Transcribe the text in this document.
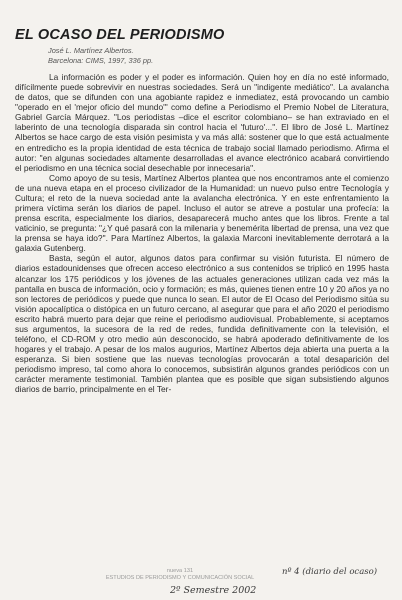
EL OCASO DEL PERIODISMO
José L. Martínez Albertos.
Barcelona: CIMS, 1997, 336 pp.

La información es poder y el poder es información. Quien hoy en día no esté informado, difícilmente puede sobrevivir en nuestras sociedades. Será un "indigente mediático". La avalancha de datos, que se difunden con una agobiante rapidez e inmediatez, está provocando un cambio "operado en el 'mejor oficio del mundo'" como define a Periodismo el Premio Nobel de Literatura, Gabriel García Márquez. "Los periodistas –dice el escritor colombiano– se han extraviado en el laberinto de una tecnología disparada sin control hacia el 'futuro'...". El libro de José L. Martínez Albertos se hace cargo de esta visión pesimista y va más allá: sostener que lo que está actualmente en entredicho es la propia identidad de esta técnica de trabajo social llamado periodismo. Afirma el autor: "en algunas sociedades altamente desarrolladas el avance electrónico acabará convirtiendo el periodismo en una técnica social desechable por innecesaria".

Como apoyo de su tesis, Martínez Albertos plantea que nos encontramos ante el comienzo de una nueva etapa en el proceso civilizador de la Humanidad: un nuevo pulso entre Tecnología y Cultura; el reto de la nueva sociedad ante la avalancha electrónica. Y en este enfrentamiento la primera víctima serán los diarios de papel. Incluso el autor se atreve a postular una profecía: la prensa escrita, especialmente los diarios, desaparecerá mucho antes que los libros. Frente a tal vaticinio, se pregunta: "¿Y qué pasará con la milenaria y benemérita libertad de prensa, una vez que la prensa se haya ido?". Para Martínez Albertos, la galaxia Marconi inevitablemente derrotará a la galaxia Gutenberg.

Basta, según el autor, algunos datos para confirmar su visión futurista. El número de diarios estadounidenses que ofrecen acceso electrónico a sus contenidos se triplicó en 1995 hasta alcanzar los 175 periódicos y los jóvenes de las actuales generaciones utilizan cada vez más la pantalla en busca de información, ocio y formación; es más, quienes tienen entre 10 y 20 años ya no son lectores de periódicos y puede que nunca lo sean. El autor de El Ocaso del Periodismo sitúa su visión apocalíptica o distópica en un futuro cercano, al asegurar que para el año 2020 el periodismo escrito habrá muerto para dejar que reine el periodismo audiovisual. Probablemente, si aceptamos sus argumentos, la sucesora de la red de redes, fundida definitivamente con la televisión, el teléfono, el CD-ROM y otro medio aún desconocido, se habrá apoderado definitivamente de los hogares y el trabajo. A pesar de los malos augurios, Martínez Albertos deja abierta una puerta a la esperanza. Si bien sostiene que las nuevas tecnologías provocarán a total desaparición del periodismo impreso, tal como ahora lo conocemos, subsistirán algunos grandes periódicos con un carácter meramente testimonial. También plantea que es posible que sigan subsistiendo algunos diarios de barrio, principalmente en el Ter-

nueva 131
ESTUDIOS DE PERIODISMO Y COMUNICACIÓN SOCIAL
nº 4 (diario del ocaso)
2º Semestre 2002
